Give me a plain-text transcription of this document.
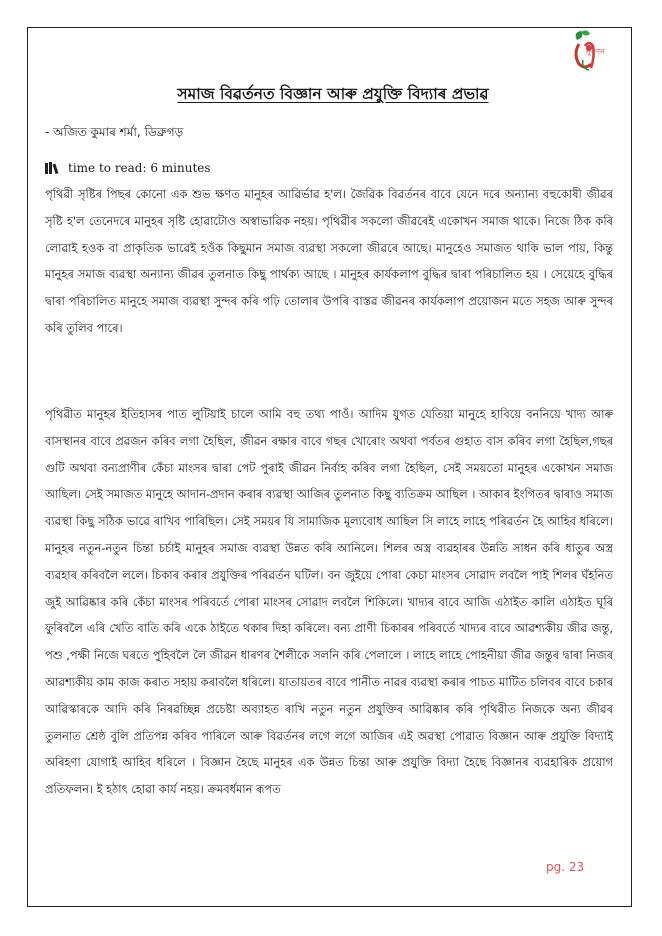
নুৰণন
সমাজ বিৱৰ্তনত বিজ্ঞান আৰু প্ৰযুক্তি বিদ্যাৰ প্ৰভাৱ
- অজিত কুমাৰ শৰ্মা, ডিব্ৰুগড়
time to read: 6 minutes
পৃথিৱী সৃষ্টিৰ পিছৰ কোনো এক শুভ ক্ষণত মানুহৰ আৱিৰ্ভাৱ হ'ল। জৈৱিক বিৱৰ্তনৰ বাবে যেনে দৰে অন্যান্য বহুকোষী জীৱৰ সৃষ্টি হ'ল তেনেদৰে মানুহৰ সৃষ্টি হোৱাটোও অস্বাভাৱিক নহয়। পৃথিৱীৰ সকলো জীৱৰেই একোখন সমাজ থাকে। নিজে ঠিক কৰি লোৱাই হওক বা প্ৰাকৃতিক ভাৱেই হওঁক কিছুমান সমাজ ব্যৱস্থা সকলো জীৱৰে আছে। মানুহেও সমাজত থাকি ভাল পায়, কিন্তু মানুহৰ সমাজ ব্যৱস্থা অন্যান্য জীৱৰ তুলনাত কিছু পাৰ্থক্য আছে । মানুহৰ কাৰ্যকলাপ বুদ্ধিৰ দ্বাৰা পৰিচালিত হয় । সেয়েহে বুদ্ধিৰ দ্বাৰা পৰিচালিত মানুহে সমাজ ব্যৱস্থা সুন্দৰ কৰি গঢ়ি তোলাৰ উপৰি বাস্তৱ জীৱনৰ কাৰ্যকলাপ প্ৰয়োজন মতে সহজ আৰু সুন্দৰ কৰি তুলিব পাৰে।
পৃথিৱীত মানুহৰ ইতিহাসৰ পাত লুটিয়াই চালে আমি বহু তথ্য পাওঁ। আদিম যুগত যেতিয়া মানুহে হাবিয়ে বননিয়ে খাদ্য আৰু বাসস্থানৰ বাবে প্ৰৱজন কৰিব লগা হৈছিল, জীৱন ৰক্ষাৰ বাবে গছৰ খোৰোং অথবা পৰ্বতৰ গুহাত বাস কৰিব লগা হৈছিল,গছৰ গুটি অথবা বন্যপ্ৰাণীৰ কেঁচা মাংসৰ দ্বাৰা পেট পুৰাই জীৱন নিৰ্বাহ কৰিব লগা হৈছিল, সেই সময়তো মানুহৰ একোখন সমাজ আছিল। সেই সমাজত মানুহে আদান-প্ৰদান কৰাৰ ব্যৱস্থা আজিৰ তুলনাত কিছু ব্যতিক্ৰম আছিল । আকাৰ ইংগিতৰ দ্বাৰাও সমাজ ব্যৱস্থা কিছু সঠিক ভাৱে ৰাখিব পাৰিছিল। সেই সময়ৰ যি সামাজিক মূল্যবোধ আছিল সি লাহে লাহে পৰিৱৰ্তন হৈ আহিব ধৰিলে। মানুহৰ নতুন-নতুন চিন্তা চৰ্চাই মানুহৰ সমাজ ব্যৱস্থা উন্নত কৰি আনিলে। শিলৰ অস্ত্ৰ ব্যৱহাৰৰ উন্নতি সাধন কৰি ধাতুৰ অস্ত্ৰ ব্যৱহাৰ কৰিবলৈ ললে। চিকাৰ কৰাৰ প্ৰযুক্তিৰ পৰিৱৰ্তন ঘটিল। বন জুইয়ে পোৰা কেচা মাংসৰ সোৱাদ লবলৈ পাই শিলৰ ঘঁহনিত জুই আৱিষ্কাৰ কৰি কেঁচা মাংসৰ পৰিবৰ্তে পোৰা মাংসৰ সোৱাদ লবলৈ শিকিলে। খাদ্যৰ বাবে আজি এঠাইত কালি এঠাইত ঘূৰি ফুৰিবলৈ এৰি খেতি বাতি কৰি একে ঠাইতে থকাৰ দিহা কৰিলে। বন্য প্ৰাণী চিকাৰৰ পৰিবৰ্তে খাদ্যৰ বাবে আৱশ্যকীয় জীৱ জন্তু, পশু ,পক্ষী নিজে ঘৰতে পুহিবলৈ লৈ জীৱন ধাৰণৰ শৈলীকে সলনি কৰি পেলালে । লাহে লাহে পোহনীয়া জীৱ জন্তুৰ দ্বাৰা নিজৰ আৱশ্যকীয় কাম কাজ কৰাত সহায় কৰাবলৈ ধৰিলে। যাতায়তৰ বাবে পানীত নাৱৰ ব্যৱস্থা কৰাৰ পাচত মাটিত চলিবৰ বাবে চকাৰ আৱিস্কাৰকে আদি কৰি নিৰৱচ্ছিন্ন প্ৰচেষ্টা অব্যাহত ৰাখি নতুন নতুন প্ৰযুক্তিৰ আৱিষ্কাৰ কৰি পৃথিৱীত নিজকে অন্য জীৱৰ তুলনাত শ্ৰেষ্ঠ বুলি প্ৰতিপন্ন কৰিব পাৰিলে আৰু বিৱৰ্তনৰ লগে লগে আজিৰ এই অৱস্থা পোৱাত বিজ্ঞান আৰু প্ৰযুক্তি বিদ্যাই অৰিহণা যোগাই আহিব ধৰিলে । বিজ্ঞান হৈছে মানুহৰ এক উন্নত চিন্তা আৰু প্ৰযুক্তি বিদ্যা হৈছে বিজ্ঞানৰ ব্যৱহাৰিক প্ৰয়োগ প্ৰতিফলন। ই হঠাৎ হোৱা কাৰ্য নহয়। ক্ৰমবৰ্ধমান ৰূপত
pg. 23
